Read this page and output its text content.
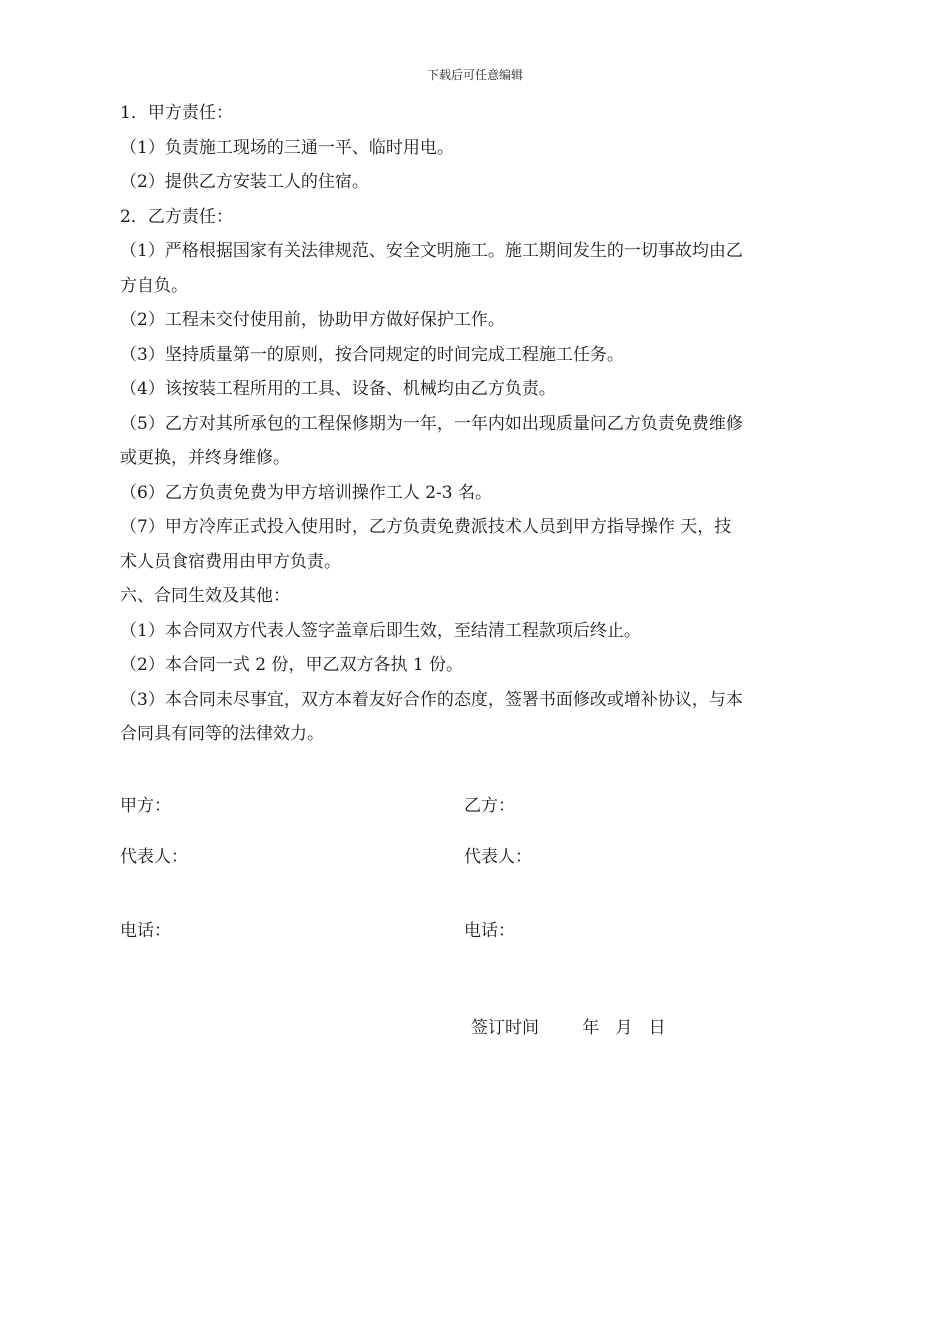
下载后可任意编辑
1．甲方责任：
（1）负责施工现场的三通一平、临时用电。
（2）提供乙方安装工人的住宿。
2．乙方责任：
（1）严格根据国家有关法律规范、安全文明施工。施工期间发生的一切事故均由乙
方自负。
（2）工程未交付使用前，协助甲方做好保护工作。
（3）坚持质量第一的原则，按合同规定的时间完成工程施工任务。
（4）该按装工程所用的工具、设备、机械均由乙方负责。
（5）乙方对其所承包的工程保修期为一年，一年内如出现质量问乙方负责免费维修
或更换，并终身维修。
（6）乙方负责免费为甲方培训操作工人 2-3 名。
（7）甲方冷库正式投入使用时，乙方负责免费派技术人员到甲方指导操作 天，技
术人员食宿费用由甲方负责。
六、合同生效及其他：
（1）本合同双方代表人签字盖章后即生效，至结清工程款项后终止。
（2）本合同一式 2 份，甲乙双方各执 1 份。
（3）本合同未尽事宜，双方本着友好合作的态度，签署书面修改或增补协议，与本
合同具有同等的法律效力。
甲方：
代表人：
电话：
乙方：
代表人：
电话：
签订时间        年   月   日
